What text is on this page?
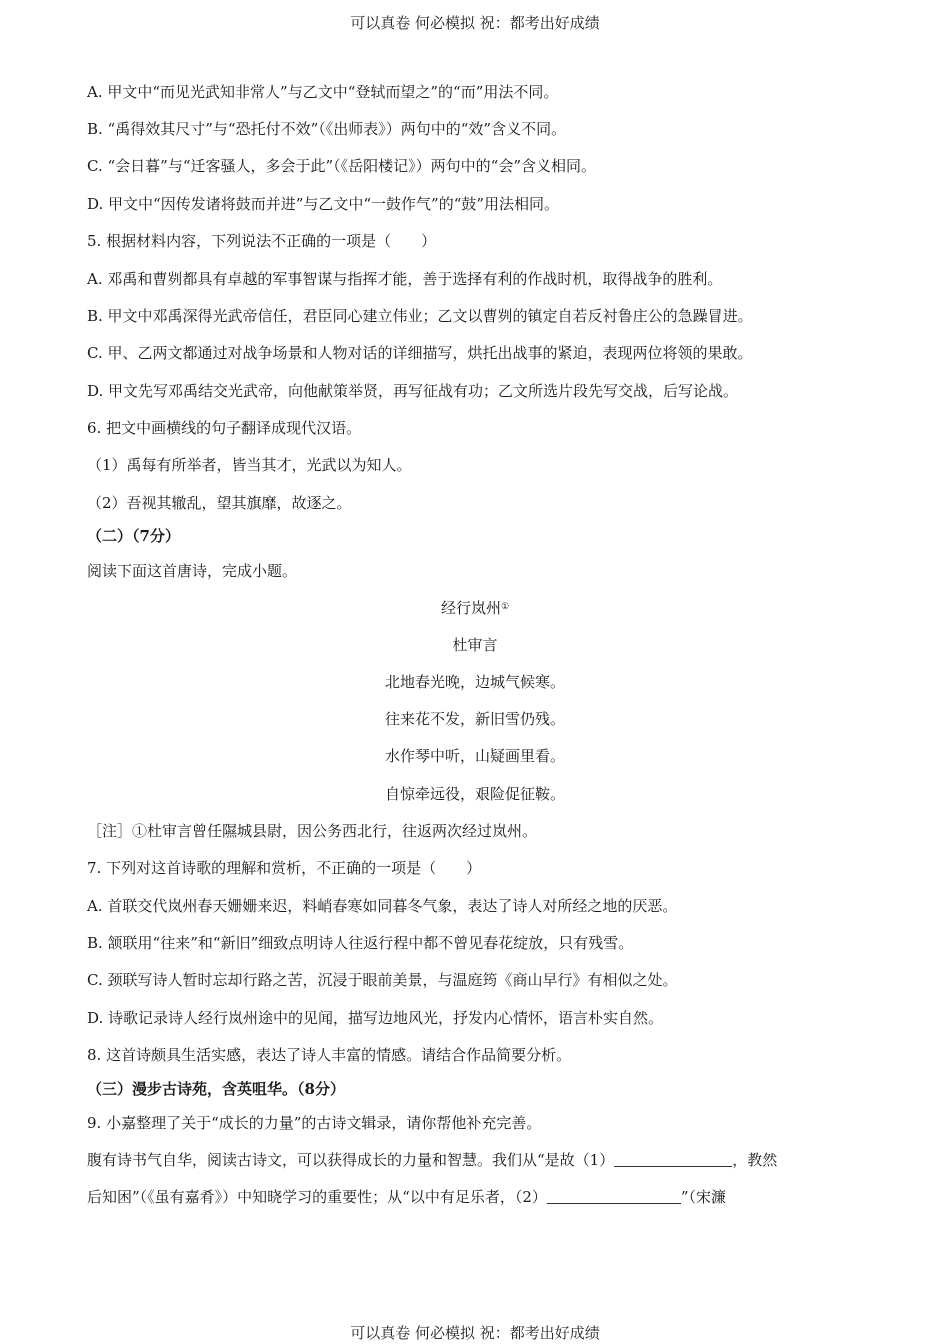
可以真卷 何必模拟 祝：都考出好成绩
A. 甲文中“而见光武知非常人”与乙文中“登轼而望之”的“而”用法不同。
B. “禹得效其尺寸”与“恐托付不效”（《出师表》）两句中的“效”含义不同。
C. “会日暮”与“迁客骚人，多会于此”（《岳阳楼记》）两句中的“会”含义相同。
D. 甲文中“因传发诸将鼓而并进”与乙文中“一鼓作气”的“鼓”用法相同。
5. 根据材料内容，下列说法不正确的一项是（　　）
A. 邓禹和曹刿都具有卓越的军事智谋与指挥才能，善于选择有利的作战时机，取得战争的胜利。
B. 甲文中邓禹深得光武帝信任，君臣同心建立伟业；乙文以曹刿的镇定自若反衬鲁庄公的急躁冒进。
C. 甲、乙两文都通过对战争场景和人物对话的详细描写，烘托出战事的紧迫，表现两位将领的果敢。
D. 甲文先写邓禹结交光武帝，向他献策举贤，再写征战有功；乙文所选片段先写交战，后写论战。
6. 把文中画横线的句子翻译成现代汉语。
（1）禹每有所举者，皆当其才，光武以为知人。
（2）吾视其辙乱，望其旗靡，故逐之。
（二）（7分）
阅读下面这首唐诗，完成小题。
经行岚州①
杜审言
北地春光晚，边城气候寒。
往来花不发，新旧雪仍残。
水作琴中听，山疑画里看。
自惊牵远役，艰险促征鞍。
［注］①杜审言曾任隰城县尉，因公务西北行，往返两次经过岚州。
7. 下列对这首诗歌的理解和赏析，不正确的一项是（　　）
A. 首联交代岚州春天姗姗来迟，料峭春寒如同暮冬气象，表达了诗人对所经之地的厌恶。
B. 颔联用“往来”和“新旧”细致点明诗人往返行程中都不曾见春花绽放，只有残雪。
C. 颈联写诗人暂时忘却行路之苦，沉浸于眼前美景，与温庭筠《商山早行》有相似之处。
D. 诗歌记录诗人经行岚州途中的见闻，描写边地风光，抒发内心情怀，语言朴实自然。
8. 这首诗颇具生活实感，表达了诗人丰富的情感。请结合作品简要分析。
（三）漫步古诗苑，含英咀华。（8分）
9. 小嘉整理了关于“成长的力量”的古诗文辑录，请你帮他补充完善。
腹有诗书气自华，阅读古诗文，可以获得成长的力量和智慧。我们从“是故（1）	，教然
后知困”（《虽有嘉肴》）中知晓学习的重要性；从“以中有足乐者，（2）	”（宋濂
可以真卷 何必模拟 祝：都考出好成绩
